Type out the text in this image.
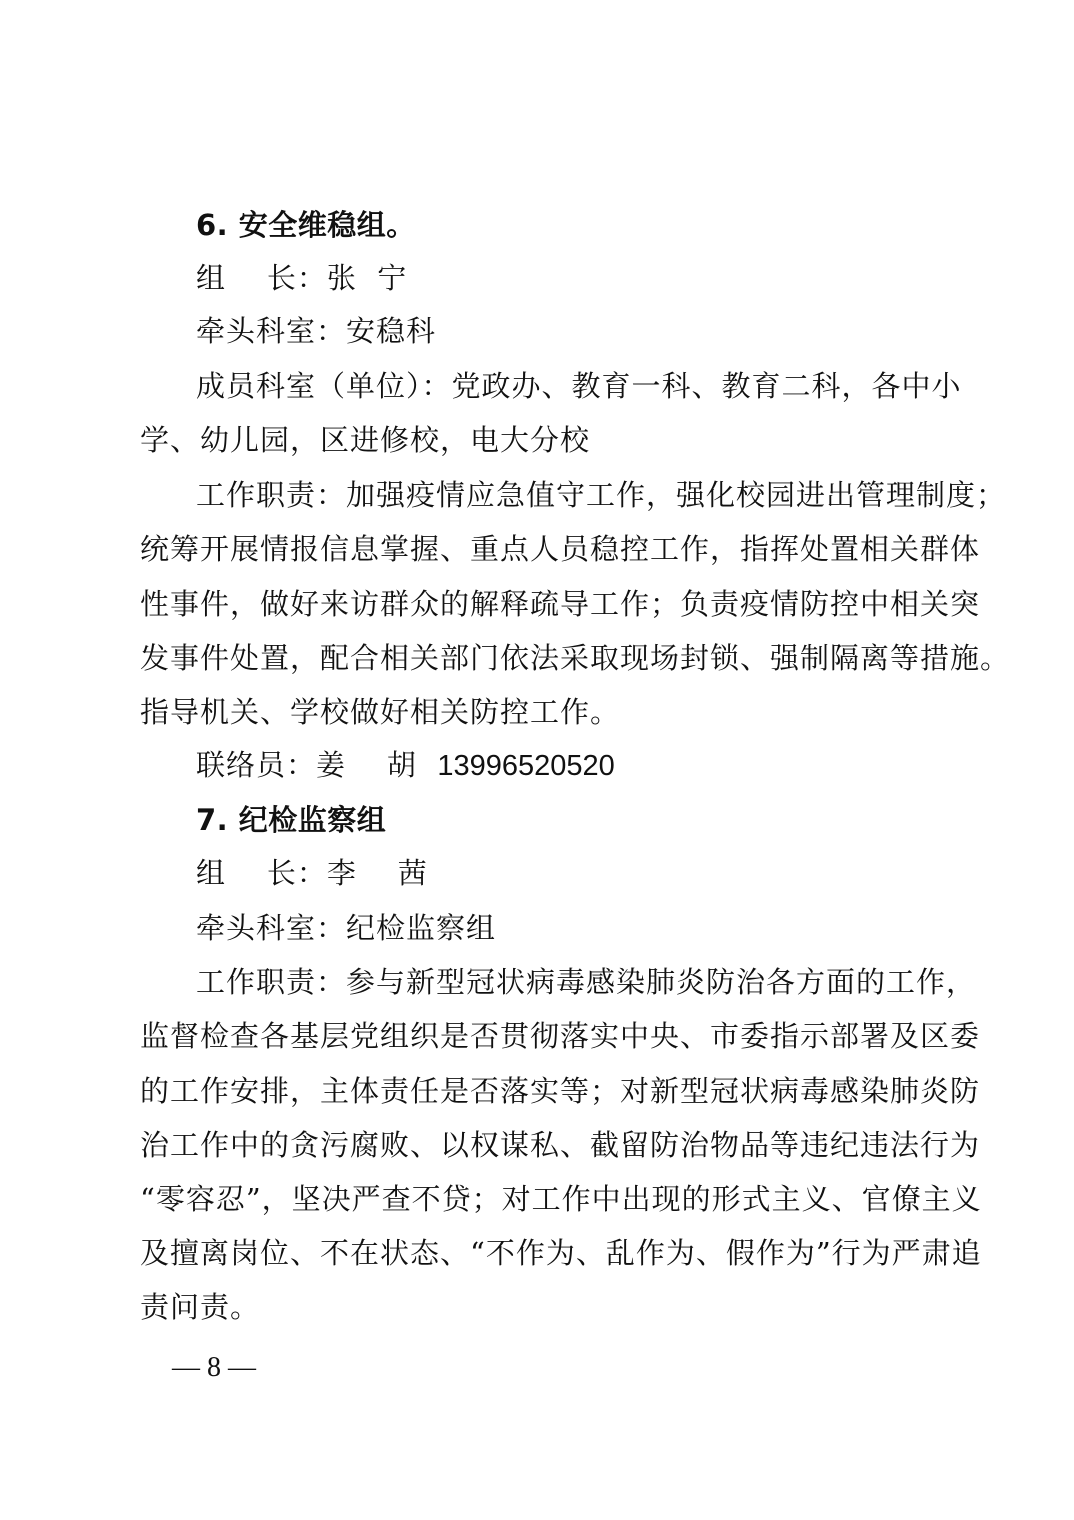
6. 安全维稳组。
组    长：张  宁
牵头科室：安稳科
成员科室（单位）：党政办、教育一科、教育二科，各中小
学、幼儿园，区进修校，电大分校
工作职责：加强疫情应急值守工作，强化校园进出管理制度；
统筹开展情报信息掌握、重点人员稳控工作，指挥处置相关群体
性事件，做好来访群众的解释疏导工作；负责疫情防控中相关突
发事件处置，配合相关部门依法采取现场封锁、强制隔离等措施。
指导机关、学校做好相关防控工作。
联络员：姜    胡  13996520520
7. 纪检监察组
组    长：李    茜
牵头科室：纪检监察组
工作职责：参与新型冠状病毒感染肺炎防治各方面的工作，
监督检查各基层党组织是否贯彻落实中央、市委指示部署及区委
的工作安排，主体责任是否落实等；对新型冠状病毒感染肺炎防
治工作中的贪污腐败、以权谋私、截留防治物品等违纪违法行为
“零容忍”，坚决严查不贷；对工作中出现的形式主义、官僚主义
及擅离岗位、不在状态、“不作为、乱作为、假作为”行为严肃追
责问责。
— 8 —
